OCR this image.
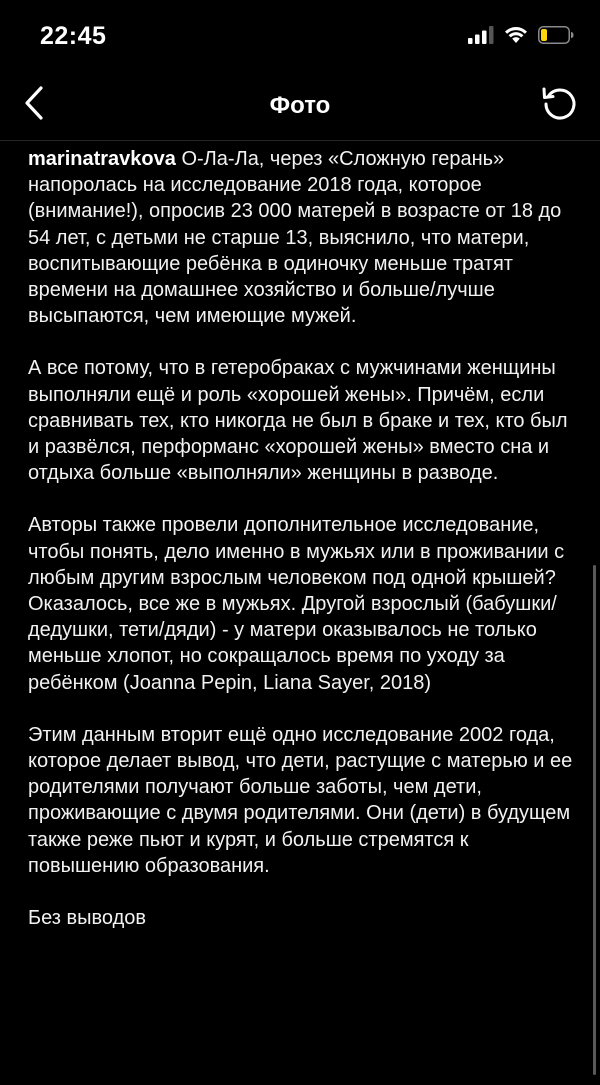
22:45
Фото

marinatravkova О-Ла-Ла, через «Сложную герань» напоролась на исследование 2018 года, которое (внимание!), опросив 23 000 матерей в возрасте от 18 до 54 лет, с детьми не старше 13, выяснило, что матери, воспитывающие ребёнка в одиночку меньше тратят времени на домашнее хозяйство и больше/лучше высыпаются, чем имеющие мужей.

А все потому, что в гетеробраках с мужчинами женщины выполняли ещё и роль «хорошей жены». Причём, если сравнивать тех, кто никогда не был в браке и тех, кто был и развёлся, перформанс «хорошей жены» вместо сна и отдыха больше «выполняли» женщины в разводе.

Авторы также провели дополнительное исследование, чтобы понять, дело именно в мужьях или в проживании с любым другим взрослым человеком под одной крышей? Оказалось, все же в мужьях. Другой взрослый (бабушки/дедушки, тети/дяди) - у матери оказывалось не только меньше хлопот, но сокращалось время по уходу за ребёнком (Joanna Pepin, Liana Sayer, 2018)

Этим данным вторит ещё одно исследование 2002 года, которое делает вывод, что дети, растущие с матерью и ее родителями получают больше заботы, чем дети, проживающие с двумя родителями. Они (дети) в будущем также реже пьют и курят, и больше стремятся к повышению образования.

Без выводов
